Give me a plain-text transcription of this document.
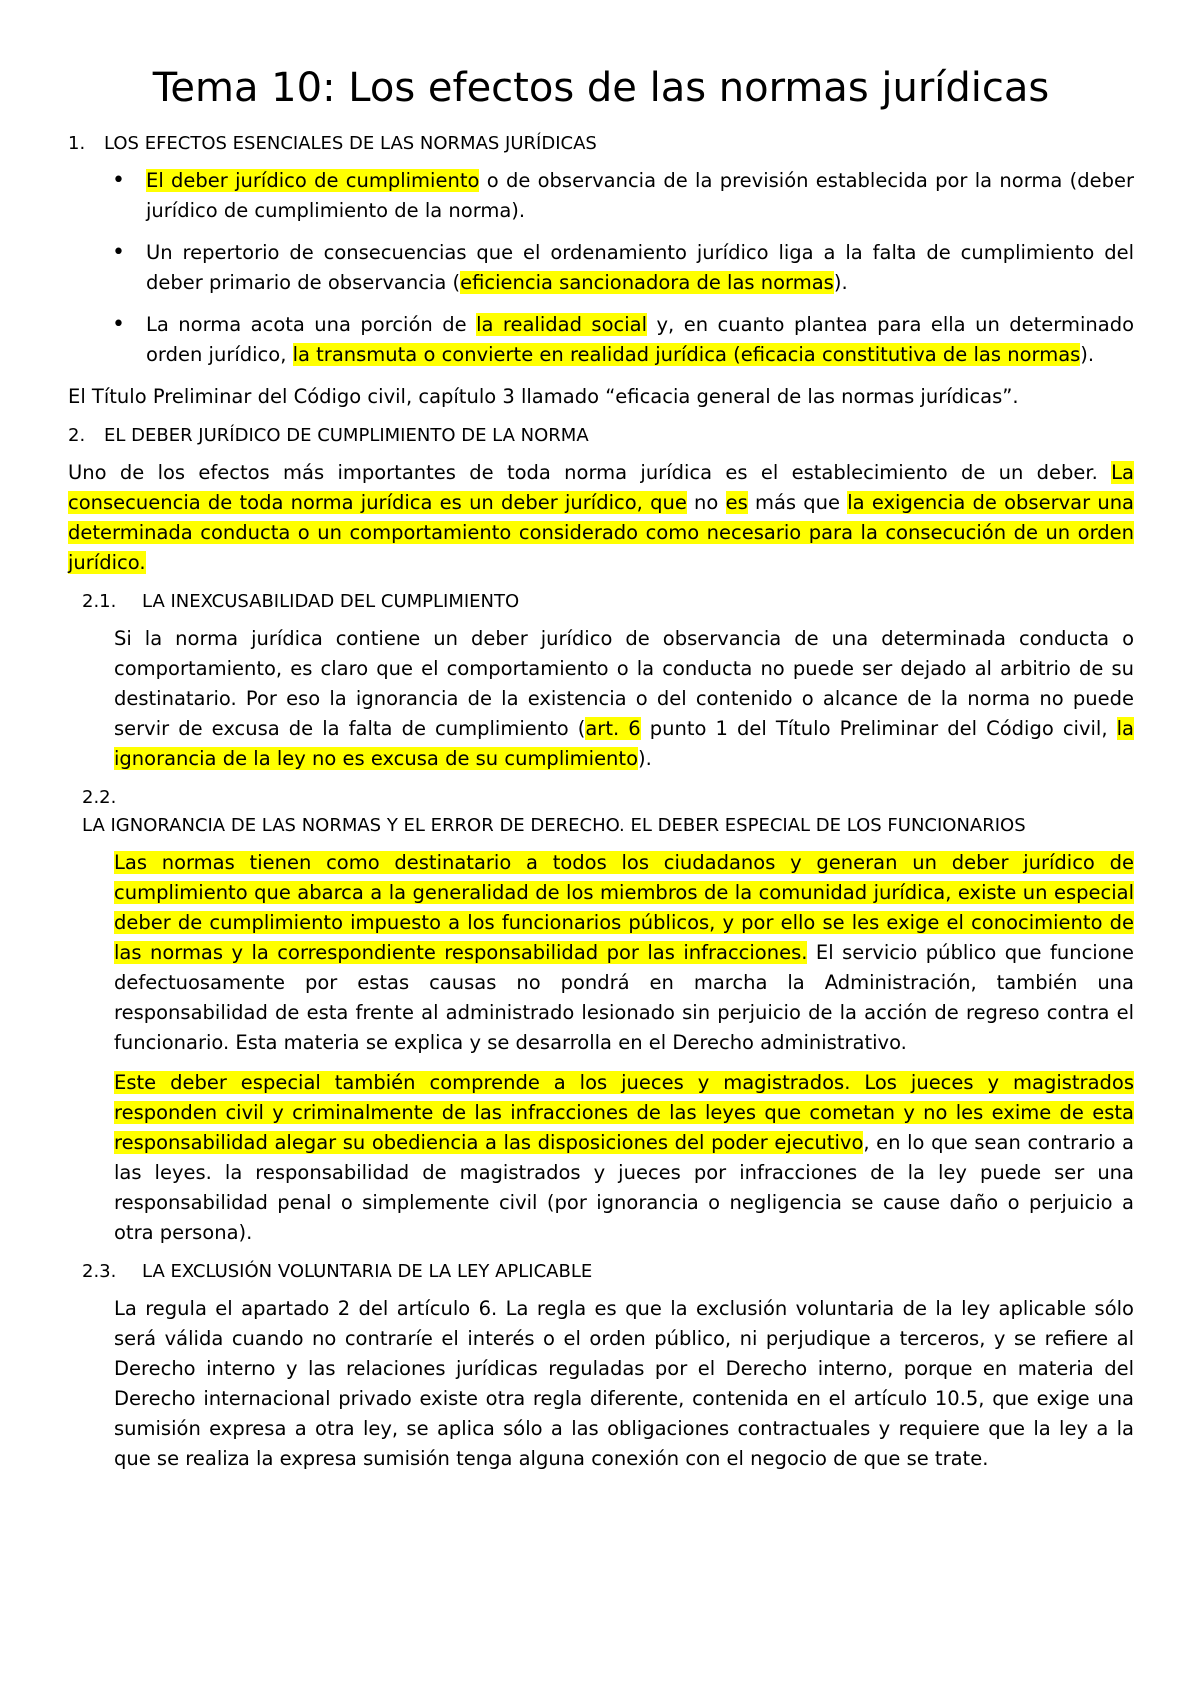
Tema 10: Los efectos de las normas jurídicas
1. LOS EFECTOS ESENCIALES DE LAS NORMAS JURÍDICAS
• El deber jurídico de cumplimiento o de observancia de la previsión establecida por la norma (deber jurídico de cumplimiento de la norma).
• Un repertorio de consecuencias que el ordenamiento jurídico liga a la falta de cumplimiento del deber primario de observancia (eficiencia sancionadora de las normas).
• La norma acota una porción de la realidad social y, en cuanto plantea para ella un determinado orden jurídico, la transmuta o convierte en realidad jurídica (eficacia constitutiva de las normas).

El Título Preliminar del Código civil, capítulo 3 llamado “eficacia general de las normas jurídicas”.

2. EL DEBER JURÍDICO DE CUMPLIMIENTO DE LA NORMA

Uno de los efectos más importantes de toda norma jurídica es el establecimiento de un deber. La consecuencia de toda norma jurídica es un deber jurídico, que no es más que la exigencia de observar una determinada conducta o un comportamiento considerado como necesario para la consecución de un orden jurídico.

2.1. LA INEXCUSABILIDAD DEL CUMPLIMIENTO

Si la norma jurídica contiene un deber jurídico de observancia de una determinada conducta o comportamiento, es claro que el comportamiento o la conducta no puede ser dejado al arbitrio de su destinatario. Por eso la ignorancia de la existencia o del contenido o alcance de la norma no puede servir de excusa de la falta de cumplimiento (art. 6 punto 1 del Título Preliminar del Código civil, la ignorancia de la ley no es excusa de su cumplimiento).

2.2.LA IGNORANCIA DE LAS NORMAS Y EL ERROR DE DERECHO. EL DEBER ESPECIAL DE LOS FUNCIONARIOS

Las normas tienen como destinatario a todos los ciudadanos y generan un deber jurídico de cumplimiento que abarca a la generalidad de los miembros de la comunidad jurídica, existe un especial deber de cumplimiento impuesto a los funcionarios públicos, y por ello se les exige el conocimiento de las normas y la correspondiente responsabilidad por las infracciones. El servicio público que funcione defectuosamente por estas causas no pondrá en marcha la Administración, también una responsabilidad de esta frente al administrado lesionado sin perjuicio de la acción de regreso contra el funcionario. Esta materia se explica y se desarrolla en el Derecho administrativo.

Este deber especial también comprende a los jueces y magistrados. Los jueces y magistrados responden civil y criminalmente de las infracciones de las leyes que cometan y no les exime de esta responsabilidad alegar su obediencia a las disposiciones del poder ejecutivo, en lo que sean contrario a las leyes. la responsabilidad de magistrados y jueces por infracciones de la ley puede ser una responsabilidad penal o simplemente civil (por ignorancia o negligencia se cause daño o perjuicio a otra persona).

2.3. LA EXCLUSIÓN VOLUNTARIA DE LA LEY APLICABLE

La regula el apartado 2 del artículo 6. La regla es que la exclusión voluntaria de la ley aplicable sólo será válida cuando no contraríe el interés o el orden público, ni perjudique a terceros, y se refiere al Derecho interno y las relaciones jurídicas reguladas por el Derecho interno, porque en materia del Derecho internacional privado existe otra regla diferente, contenida en el artículo 10.5, que exige una sumisión expresa a otra ley, se aplica sólo a las obligaciones contractuales y requiere que la ley a la que se realiza la expresa sumisión tenga alguna conexión con el negocio de que se trate.
